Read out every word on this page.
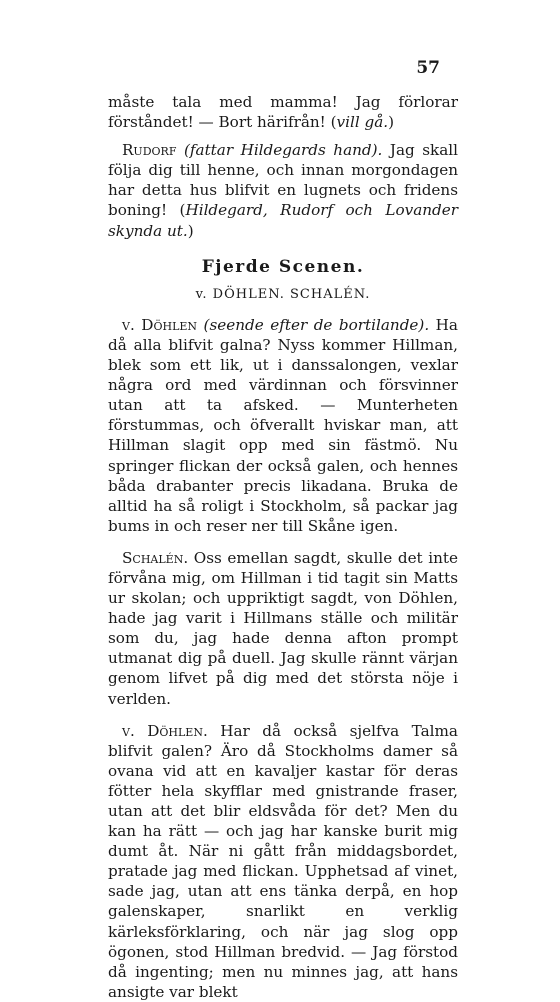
57

måste tala med mamma! Jag förlorar förståndet! — Bort härifrån! (vill gå.)

Rudorf (fattar Hildegards hand). Jag skall följa dig till henne, och innan morgondagen har detta hus blifvit en lugnets och fridens boning! (Hildegard, Rudorf och Lovander skynda ut.)

Fjerde Scenen.
v. DÖHLEN. SCHALÉN.

v. Döhlen (seende efter de bortilande). Ha då alla blifvit galna? Nyss kommer Hillman, blek som ett lik, ut i danssalongen, vexlar några ord med värdinnan och försvinner utan att ta afsked. — Munterheten förstummas, och öfverallt hviskar man, att Hillman slagit opp med sin fästmö. Nu springer flickan der också galen, och hennes båda drabanter precis likadana. Bruka de alltid ha så roligt i Stockholm, så packar jag bums in och reser ner till Skåne igen.

Schalén. Oss emellan sagdt, skulle det inte förvåna mig, om Hillman i tid tagit sin Matts ur skolan; och uppriktigt sagdt, von Döhlen, hade jag varit i Hillmans ställe och militär som du, jag hade denna afton prompt utmanat dig på duell. Jag skulle rännt värjan genom lifvet på dig med det största nöje i verlden.

v. Döhlen. Har då också sjelfva Talma blifvit galen? Äro då Stockholms damer så ovana vid att en kavaljer kastar för deras fötter hela skyfflar med gnistrande fraser, utan att det blir eldsvåda för det? Men du kan ha rätt — och jag har kanske burit mig dumt åt. När ni gått från middagsbordet, pratade jag med flickan. Upphetsad af vinet, sade jag, utan att ens tänka derpå, en hop galenskaper, snarlikt en verklig kärleksförklaring, och när jag slog opp ögonen, stod Hillman bredvid. — Jag förstod då ingenting; men nu minnes jag, att hans ansigte var blekt
